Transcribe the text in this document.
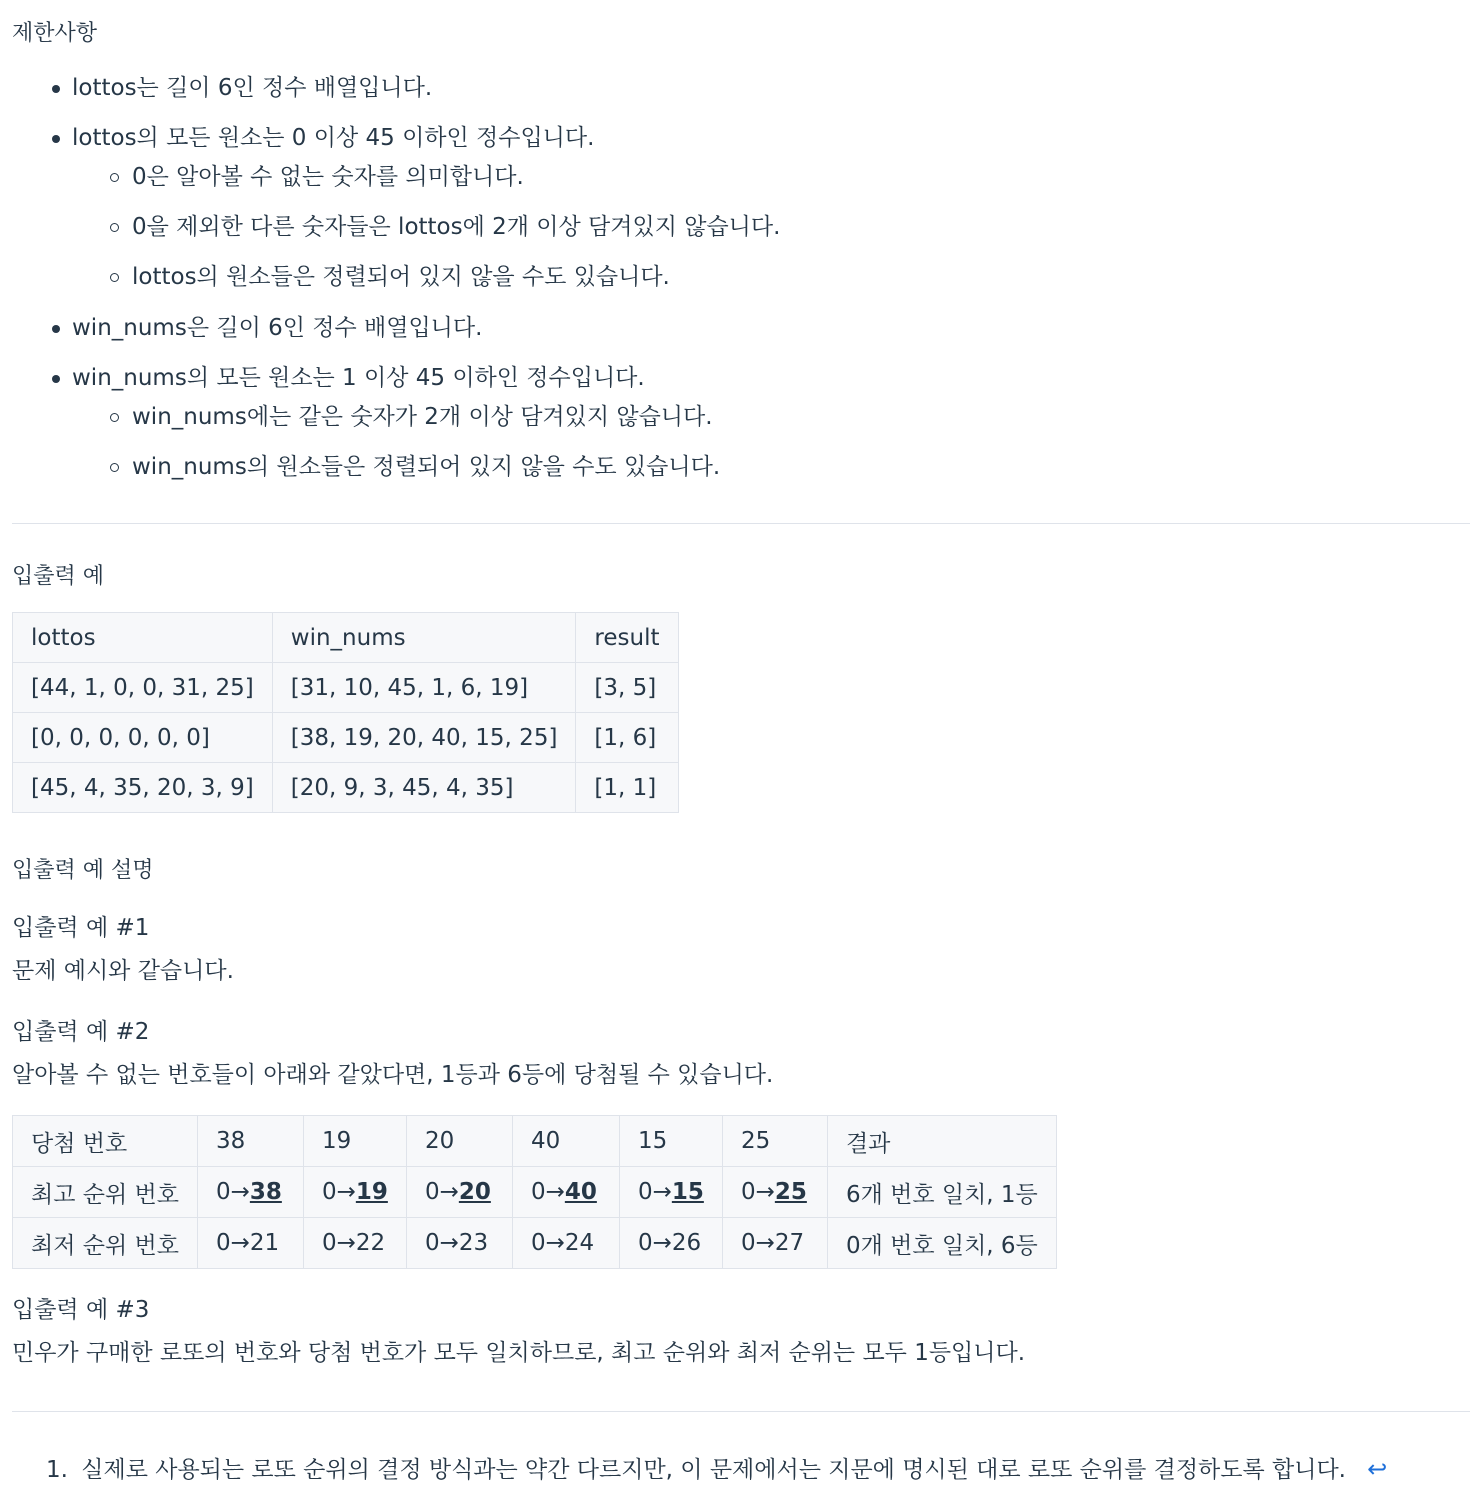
제한사항
lottos는 길이 6인 정수 배열입니다.
lottos의 모든 원소는 0 이상 45 이하인 정수입니다.
0은 알아볼 수 없는 숫자를 의미합니다.
0을 제외한 다른 숫자들은 lottos에 2개 이상 담겨있지 않습니다.
lottos의 원소들은 정렬되어 있지 않을 수도 있습니다.
win_nums은 길이 6인 정수 배열입니다.
win_nums의 모든 원소는 1 이상 45 이하인 정수입니다.
win_nums에는 같은 숫자가 2개 이상 담겨있지 않습니다.
win_nums의 원소들은 정렬되어 있지 않을 수도 있습니다.
입출력 예
lottos	win_nums	result
[44, 1, 0, 0, 31, 25]	[31, 10, 45, 1, 6, 19]	[3, 5]
[0, 0, 0, 0, 0, 0]	[38, 19, 20, 40, 15, 25]	[1, 6]
[45, 4, 35, 20, 3, 9]	[20, 9, 3, 45, 4, 35]	[1, 1]
입출력 예 설명
입출력 예 #1
문제 예시와 같습니다.
입출력 예 #2
알아볼 수 없는 번호들이 아래와 같았다면, 1등과 6등에 당첨될 수 있습니다.
당첨 번호	38	19	20	40	15	25	결과
최고 순위 번호	0→38	0→19	0→20	0→40	0→15	0→25	6개 번호 일치, 1등
최저 순위 번호	0→21	0→22	0→23	0→24	0→26	0→27	0개 번호 일치, 6등
입출력 예 #3
민우가 구매한 로또의 번호와 당첨 번호가 모두 일치하므로, 최고 순위와 최저 순위는 모두 1등입니다.
1. 실제로 사용되는 로또 순위의 결정 방식과는 약간 다르지만, 이 문제에서는 지문에 명시된 대로 로또 순위를 결정하도록 합니다. ↩
